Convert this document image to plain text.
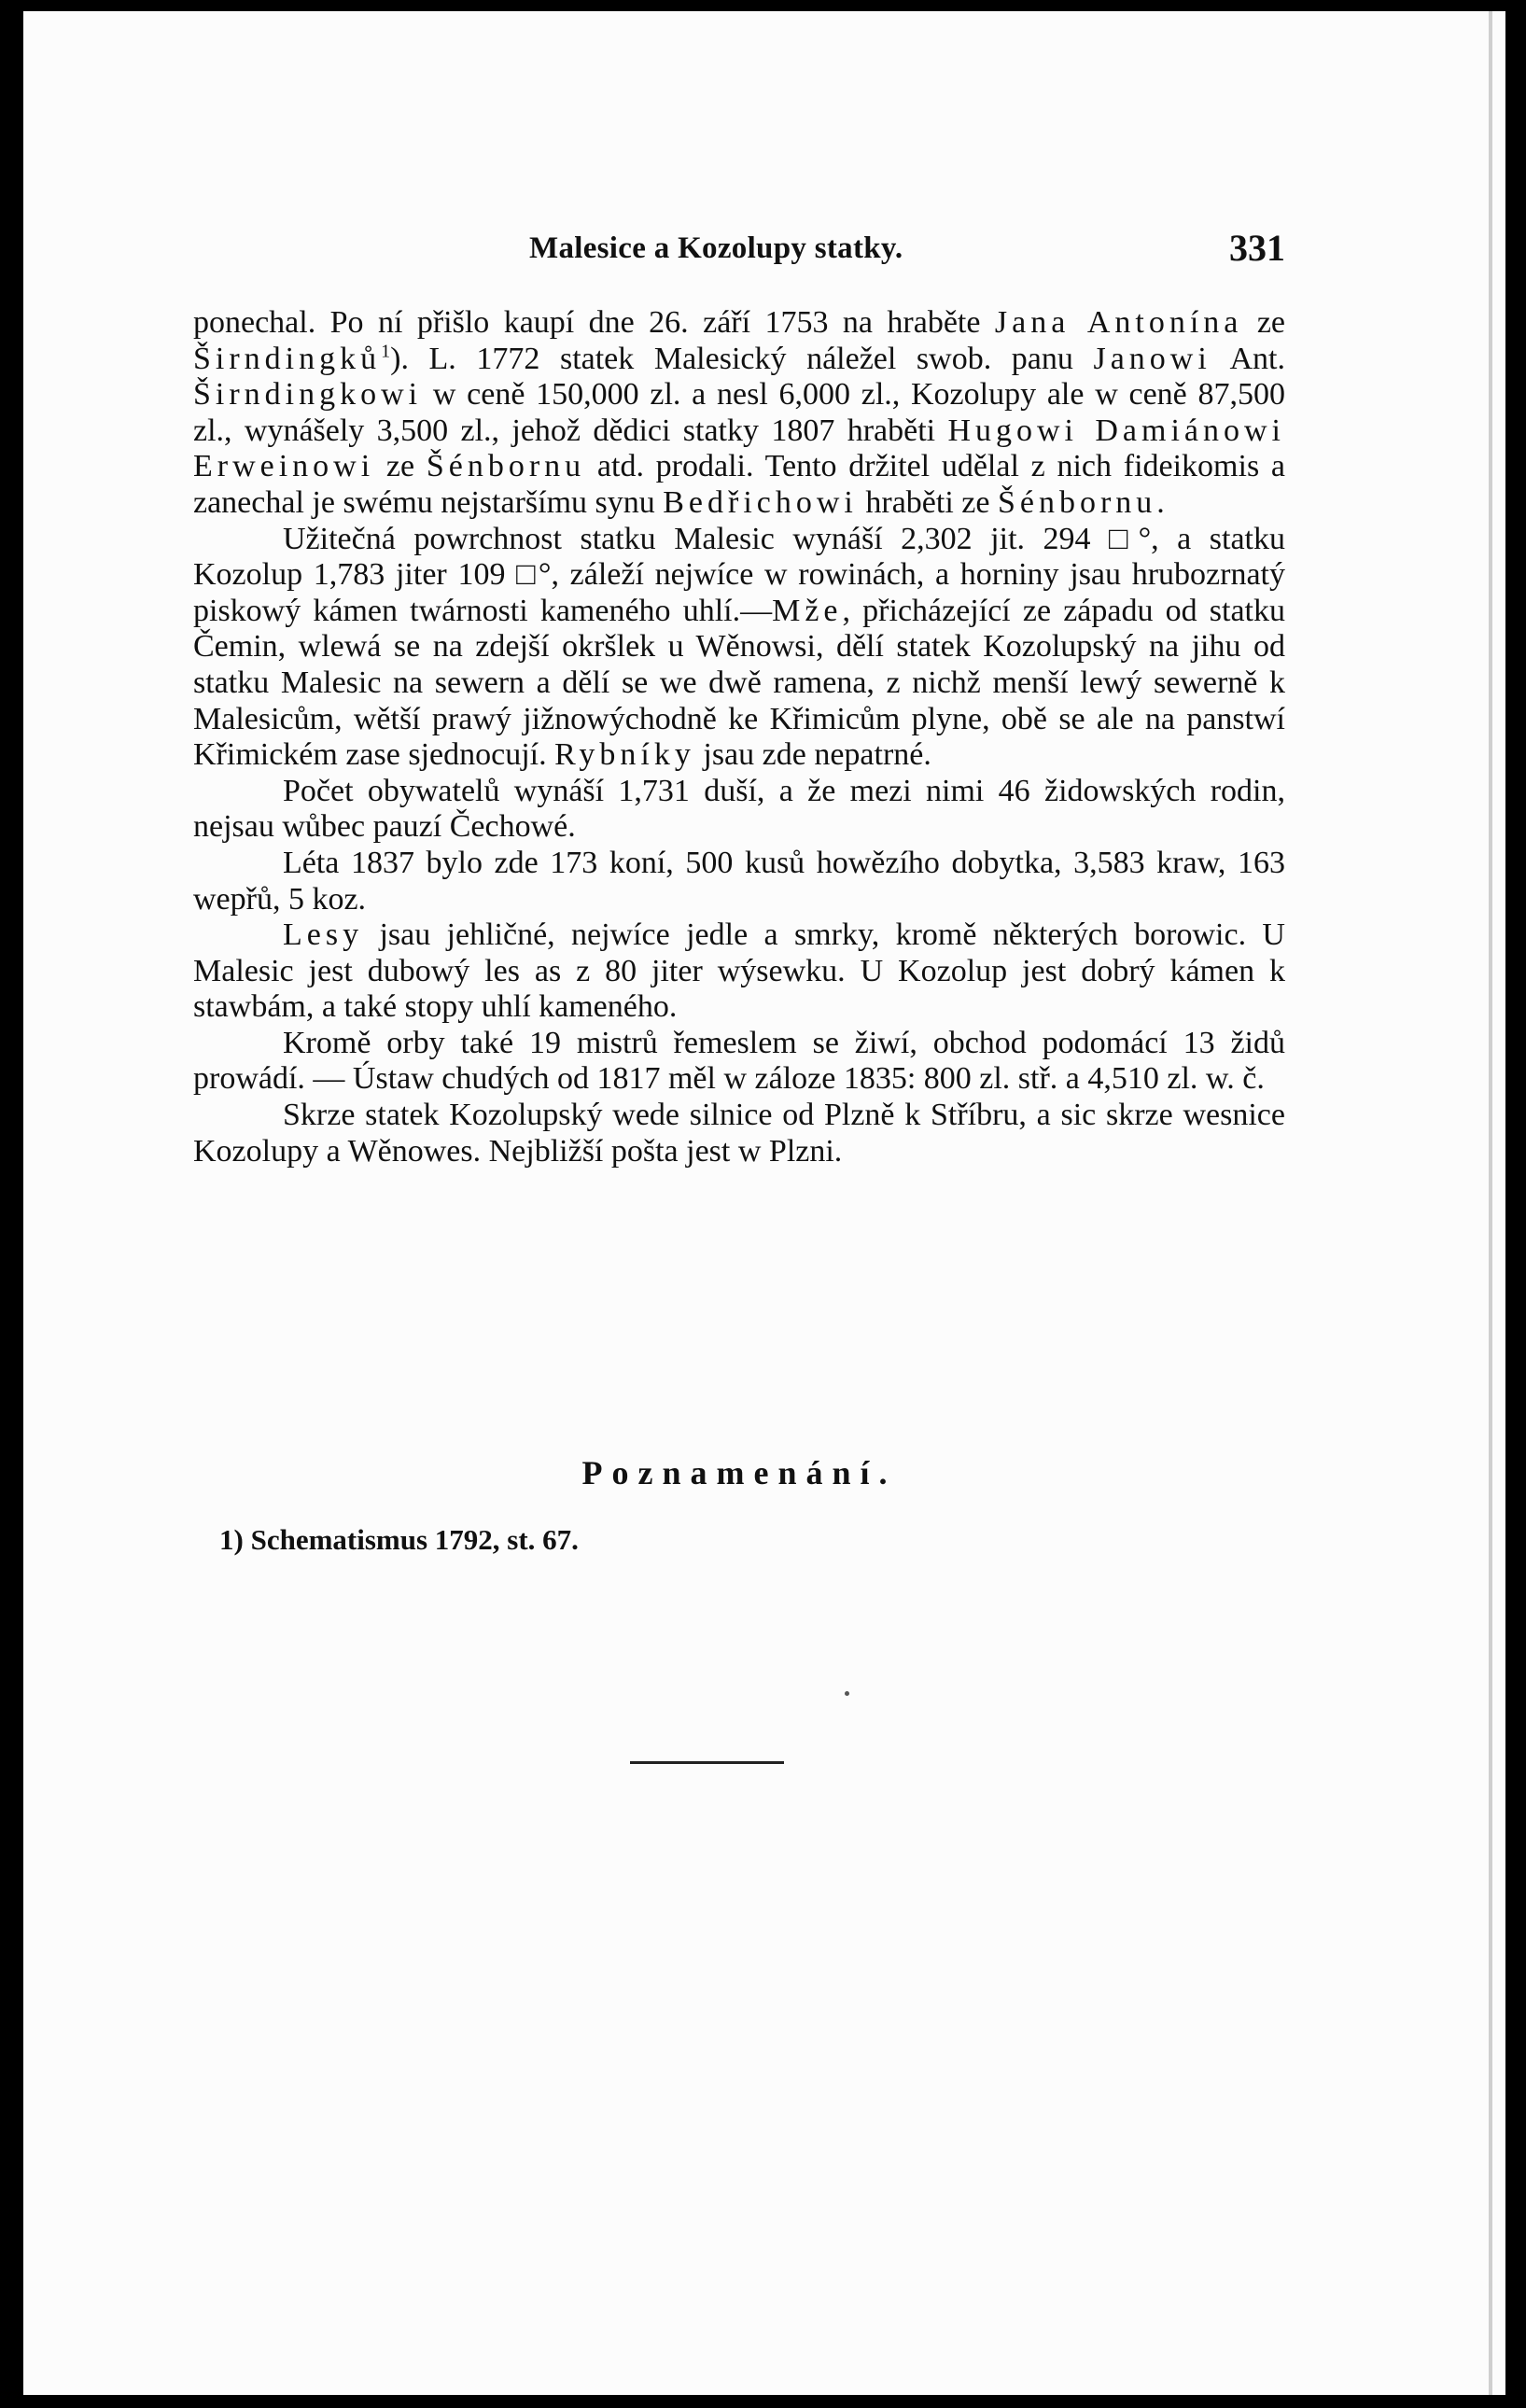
Malesice a Kozolupy statky.	331

ponechal. Po ní přišlo kaupí dne 26. září 1753 na hraběte Jana Antonína ze Širndingků$^1$). L. 1772 statek Malesický náležel swob. panu Janowi Ant. Širndingkowi w ceně 150,000 zl. a nesl 6,000 zl., Kozolupy ale w ceně 87,500 zl., wynášely 3,500 zl., jehož dědici statky 1807 hraběti Hugowi Damiánowi Erweinowi ze Šénbornu atd. prodali. Tento držitel udělal z nich fideikomis a zanechal je swému nejstaršímu synu Bedřichowi hraběti ze Šénbornu.

Užitečná powrchnost statku Malesic wynáší 2,302 jit. 294 □°, a statku Kozolup 1,783 jiter 109 □°, záleží nejwíce w rowinách, a horniny jsau hrubozrnatý piskowý kámen twárnosti kameného uhlí.—Mže, přicházející ze západu od statku Čemin, wlewá se na zdejší okršlek u Wěnowsi, dělí statek Kozolupský na jihu od statku Malesic na sewern a dělí se we dwě ramena, z nichž menší lewý sewerně k Malesicům, wětší prawý jižnowýchodně ke Křimicům plyne, obě se ale na panstwí Křimickém zase sjednocují. Rybníky jsau zde nepatrné.

Počet obywatelů wynáší 1,731 duší, a že mezi nimi 46 židowských rodin, nejsau wůbec pauzí Čechowé.

Léta 1837 bylo zde 173 koní, 500 kusů howězího dobytka, 3,583 kraw, 163 wepřů, 5 koz.

Lesy jsau jehličné, nejwíce jedle a smrky, kromě některých borowic. U Malesic jest dubowý les as z 80 jiter wýsewku. U Kozolup jest dobrý kámen k stawbám, a také stopy uhlí kameného.

Kromě orby také 19 mistrů řemeslem se žiwí, obchod podomácí 13 židů prowádí. — Ústaw chudých od 1817 měl w záloze 1835: 800 zl. stř. a 4,510 zl. w. č.

Skrze statek Kozolupský wede silnice od Plzně k Stříbru, a sic skrze wesnice Kozolupy a Wěnowes. Nejbližší pošta jest w Plzni.

Poznamenání.
1) Schematismus 1792, st. 67.
